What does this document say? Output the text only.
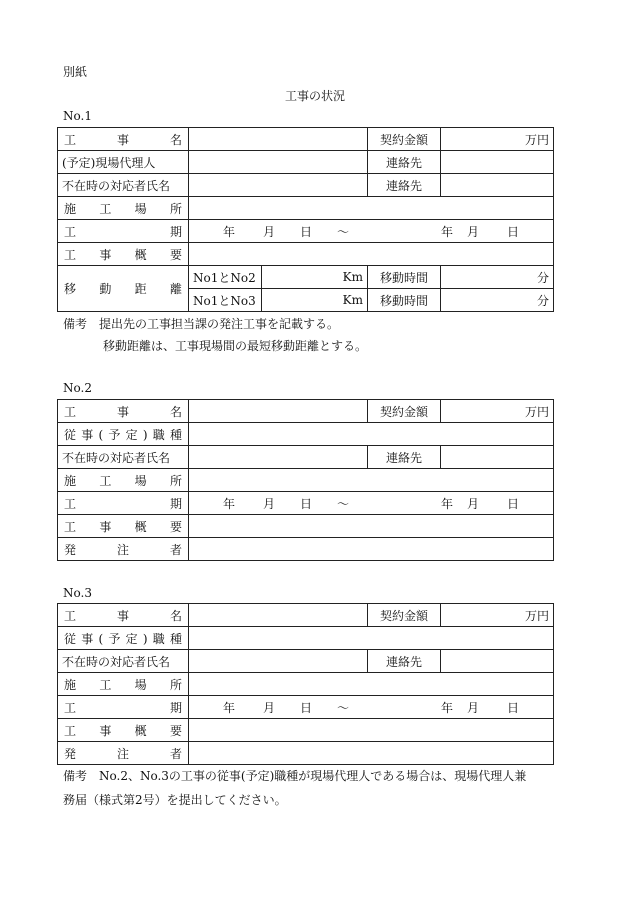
別紙
工事の状況
No.1
工　事　名			契約金額	万円
(予定)現場代理人			連絡先	
不在時の対応者氏名			連絡先	
施　工　場　所				
工　期	年 月 日 ～ 年 月 日			
工　事　概　要				
移　動　距　離	No1とNo2	Km	移動時間	分
	No1とNo3	Km	移動時間	分
備考　提出先の工事担当課の発注工事を記載する。
移動距離は、工事現場間の最短移動距離とする。
No.2
工　事　名		契約金額	万円
従事(予定)職種			
不在時の対応者氏名		連絡先	
施　工　場　所			
工　期	年 月 日 ～ 年 月 日		
工　事　概　要			
発　注　者			
No.3
工　事　名		契約金額	万円
従事(予定)職種			
不在時の対応者氏名		連絡先	
施　工　場　所			
工　期	年 月 日 ～ 年 月 日		
工　事　概　要			
発　注　者			
備考　No.2、No.3の工事の従事(予定)職種が現場代理人である場合は、現場代理人兼
務届（様式第2号）を提出してください。
